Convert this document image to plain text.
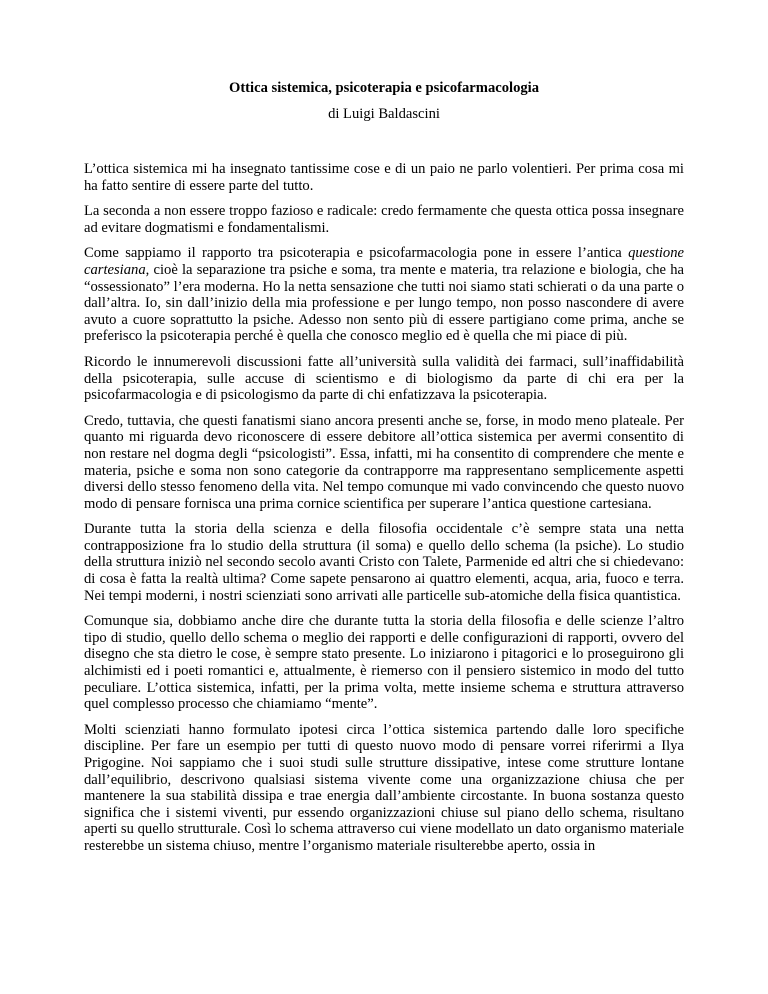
Ottica sistemica, psicoterapia e psicofarmacologia

di Luigi Baldascini

L’ottica sistemica mi ha insegnato tantissime cose e di un paio ne parlo volentieri. Per prima cosa mi ha fatto sentire di essere parte del tutto.

La seconda a non essere troppo fazioso e radicale: credo fermamente che questa ottica possa insegnare ad evitare dogmatismi e fondamentalismi.

Come sappiamo il rapporto tra psicoterapia e psicofarmacologia pone in essere l’antica questione cartesiana, cioè la separazione tra psiche e soma, tra mente e materia, tra relazione e biologia, che ha “ossessionato” l’era moderna. Ho la netta sensazione che tutti noi siamo stati schierati o da una parte o dall’altra. Io, sin dall’inizio della mia professione e per lungo tempo, non posso nascondere di avere avuto a cuore soprattutto la psiche. Adesso non sento più di essere partigiano come prima, anche se preferisco la psicoterapia perché è quella che conosco meglio ed è quella che mi piace di più.

Ricordo le innumerevoli discussioni fatte all’università sulla validità dei farmaci, sull’inaffidabilità della psicoterapia, sulle accuse di scientismo e di biologismo da parte di chi era per la psicofarmacologia e di psicologismo da parte di chi enfatizzava la psicoterapia.

Credo, tuttavia, che questi fanatismi siano ancora presenti anche se, forse, in modo meno plateale. Per quanto mi riguarda devo riconoscere di essere debitore all’ottica sistemica per avermi consentito di non restare nel dogma degli “psicologisti”. Essa, infatti, mi ha consentito di comprendere che mente e materia, psiche e soma non sono categorie da contrapporre ma rappresentano semplicemente aspetti diversi dello stesso fenomeno della vita. Nel tempo comunque mi vado convincendo che questo nuovo modo di pensare fornisca una prima cornice scientifica per superare l’antica questione cartesiana.

Durante tutta la storia della scienza e della filosofia occidentale c’è sempre stata una netta contrapposizione fra lo studio della struttura (il soma) e quello dello schema (la psiche). Lo studio della struttura iniziò nel secondo secolo avanti Cristo con Talete, Parmenide ed altri che si chiedevano: di cosa è fatta la realtà ultima? Come sapete pensarono ai quattro elementi, acqua, aria, fuoco e terra. Nei tempi moderni, i nostri scienziati sono arrivati alle particelle sub-atomiche della fisica quantistica.

Comunque sia, dobbiamo anche dire che durante tutta la storia della filosofia e delle scienze l’altro tipo di studio, quello dello schema o meglio dei rapporti e delle configurazioni di rapporti, ovvero del disegno che sta dietro le cose, è sempre stato presente. Lo iniziarono i pitagorici e lo proseguirono gli alchimisti ed i poeti romantici e, attualmente, è riemerso con il pensiero sistemico in modo del tutto peculiare. L’ottica sistemica, infatti, per la prima volta, mette insieme schema e struttura attraverso quel complesso processo che chiamiamo “mente”.

Molti scienziati hanno formulato ipotesi circa l’ottica sistemica partendo dalle loro specifiche discipline. Per fare un esempio per tutti di questo nuovo modo di pensare vorrei riferirmi a Ilya Prigogine. Noi sappiamo che i suoi studi sulle strutture dissipative, intese come strutture lontane dall’equilibrio, descrivono qualsiasi sistema vivente come una organizzazione chiusa che per mantenere la sua stabilità dissipa e trae energia dall’ambiente circostante. In buona sostanza questo significa che i sistemi viventi, pur essendo organizzazioni chiuse sul piano dello schema, risultano aperti su quello strutturale. Così lo schema attraverso cui viene modellato un dato organismo materiale resterebbe un sistema chiuso, mentre l’organismo materiale risulterebbe aperto, ossia in
